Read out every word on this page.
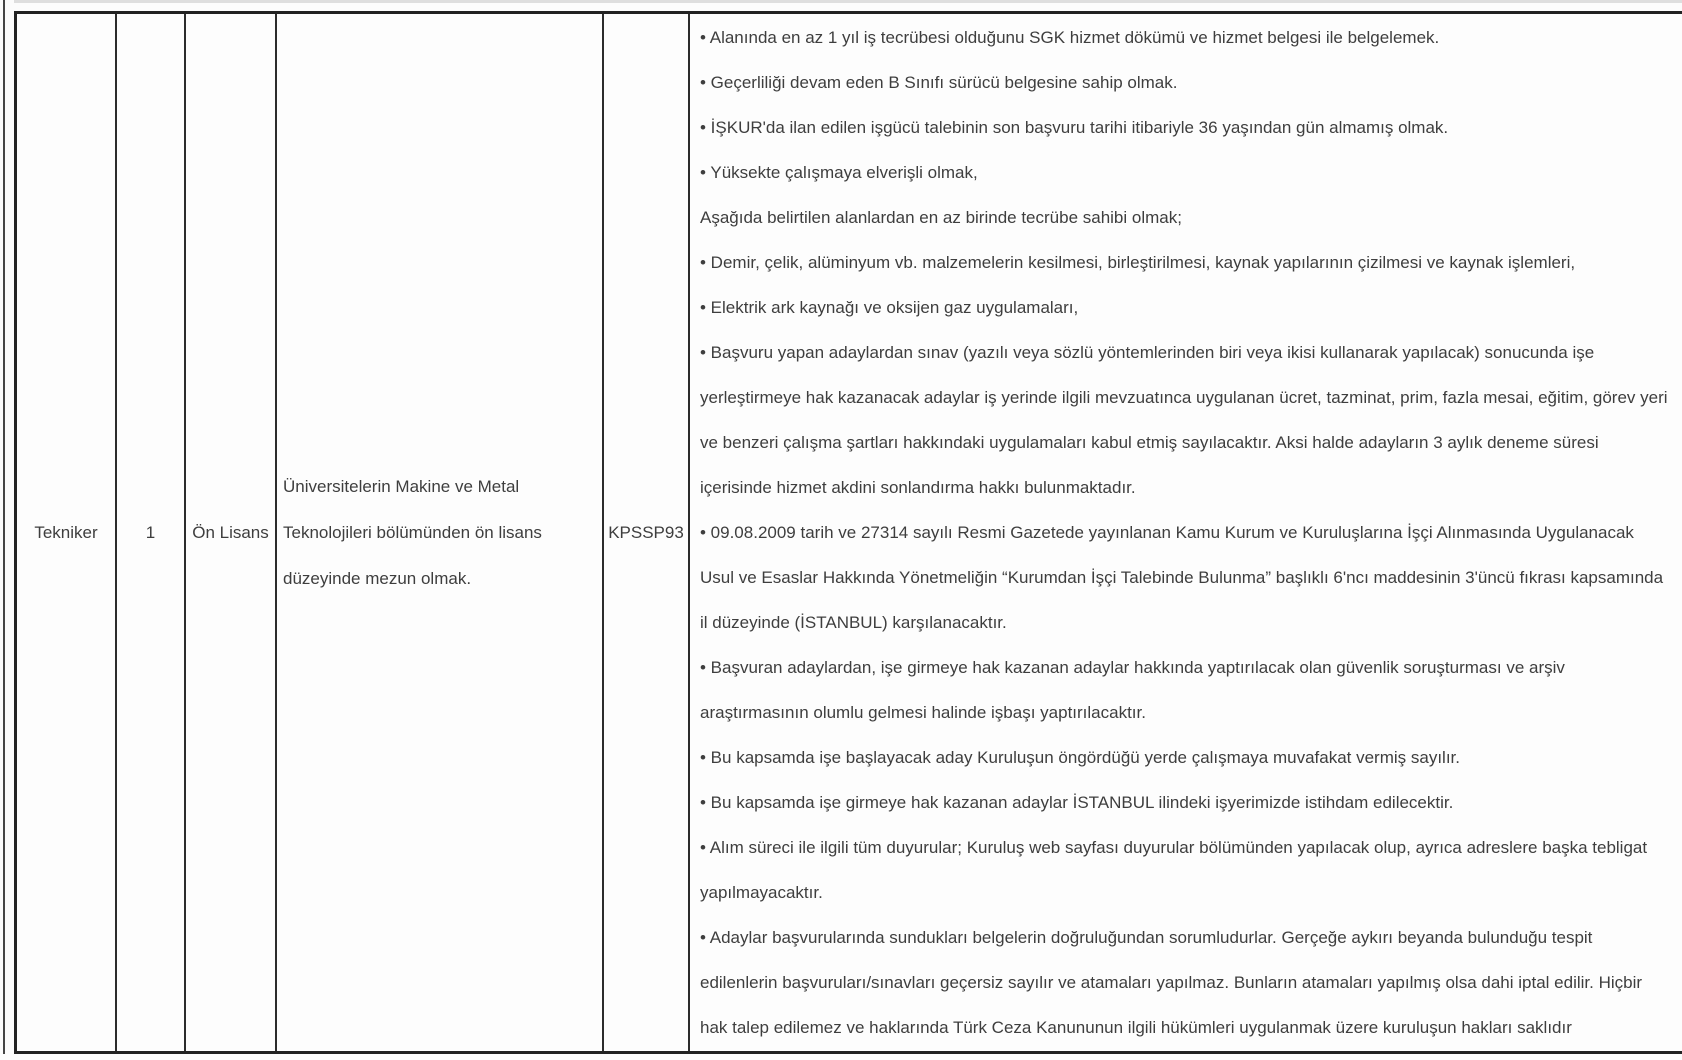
Tekniker	1 Ön Lisans

Üniversitelerin Makine ve Metal Teknolojileri bölümünden ön lisans düzeyinde mezun olmak.

KPSSP93

• Alanında en az 1 yıl iş tecrübesi olduğunu SGK hizmet dökümü ve hizmet belgesi ile belgelemek.

• Geçerliliği devam eden B Sınıfı sürücü belgesine sahip olmak.

• İŞKUR'da ilan edilen işgücü talebinin son başvuru tarihi itibariyle 36 yaşından gün almamış olmak.

• Yüksekte çalışmaya elverişli olmak,

Aşağıda belirtilen alanlardan en az birinde tecrübe sahibi olmak;

• Demir, çelik, alüminyum vb. malzemelerin kesilmesi, birleştirilmesi, kaynak yapılarının çizilmesi ve kaynak işlemleri,

• Elektrik ark kaynağı ve oksijen gaz uygulamaları,

• Başvuru yapan adaylardan sınav (yazılı veya sözlü yöntemlerinden biri veya ikisi kullanarak yapılacak) sonucunda işe yerleştirmeye hak kazanacak adaylar iş yerinde ilgili mevzuatınca uygulanan ücret, tazminat, prim, fazla mesai, eğitim, görev yeri ve benzeri çalışma şartları hakkındaki uygulamaları kabul etmiş sayılacaktır. Aksi halde adayların 3 aylık deneme süresi içerisinde hizmet akdini sonlandırma hakkı bulunmaktadır.

• 09.08.2009 tarih ve 27314 sayılı Resmi Gazetede yayınlanan Kamu Kurum ve Kuruluşlarına İşçi Alınmasında Uygulanacak Usul ve Esaslar Hakkında Yönetmeliğin “Kurumdan İşçi Talebinde Bulunma” başlıklı 6'ncı maddesinin 3'üncü fıkrası kapsamında il düzeyinde (İSTANBUL) karşılanacaktır.

• Başvuran adaylardan, işe girmeye hak kazanan adaylar hakkında yaptırılacak olan güvenlik soruşturması ve arşiv araştırmasının olumlu gelmesi halinde işbaşı yaptırılacaktır.

• Bu kapsamda işe başlayacak aday Kuruluşun öngördüğü yerde çalışmaya muvafakat vermiş sayılır.

• Bu kapsamda işe girmeye hak kazanan adaylar İSTANBUL ilindeki işyerimizde istihdam edilecektir.

• Alım süreci ile ilgili tüm duyurular; Kuruluş web sayfası duyurular bölümünden yapılacak olup, ayrıca adreslere başka tebligat yapılmayacaktır.

• Adaylar başvurularında sundukları belgelerin doğruluğundan sorumludurlar. Gerçeğe aykırı beyanda bulunduğu tespit edilenlerin başvuruları/sınavları geçersiz sayılır ve atamaları yapılmaz. Bunların atamaları yapılmış olsa dahi iptal edilir. Hiçbir hak talep edilemez ve haklarında Türk Ceza Kanununun ilgili hükümleri uygulanmak üzere kuruluşun hakları saklıdır
